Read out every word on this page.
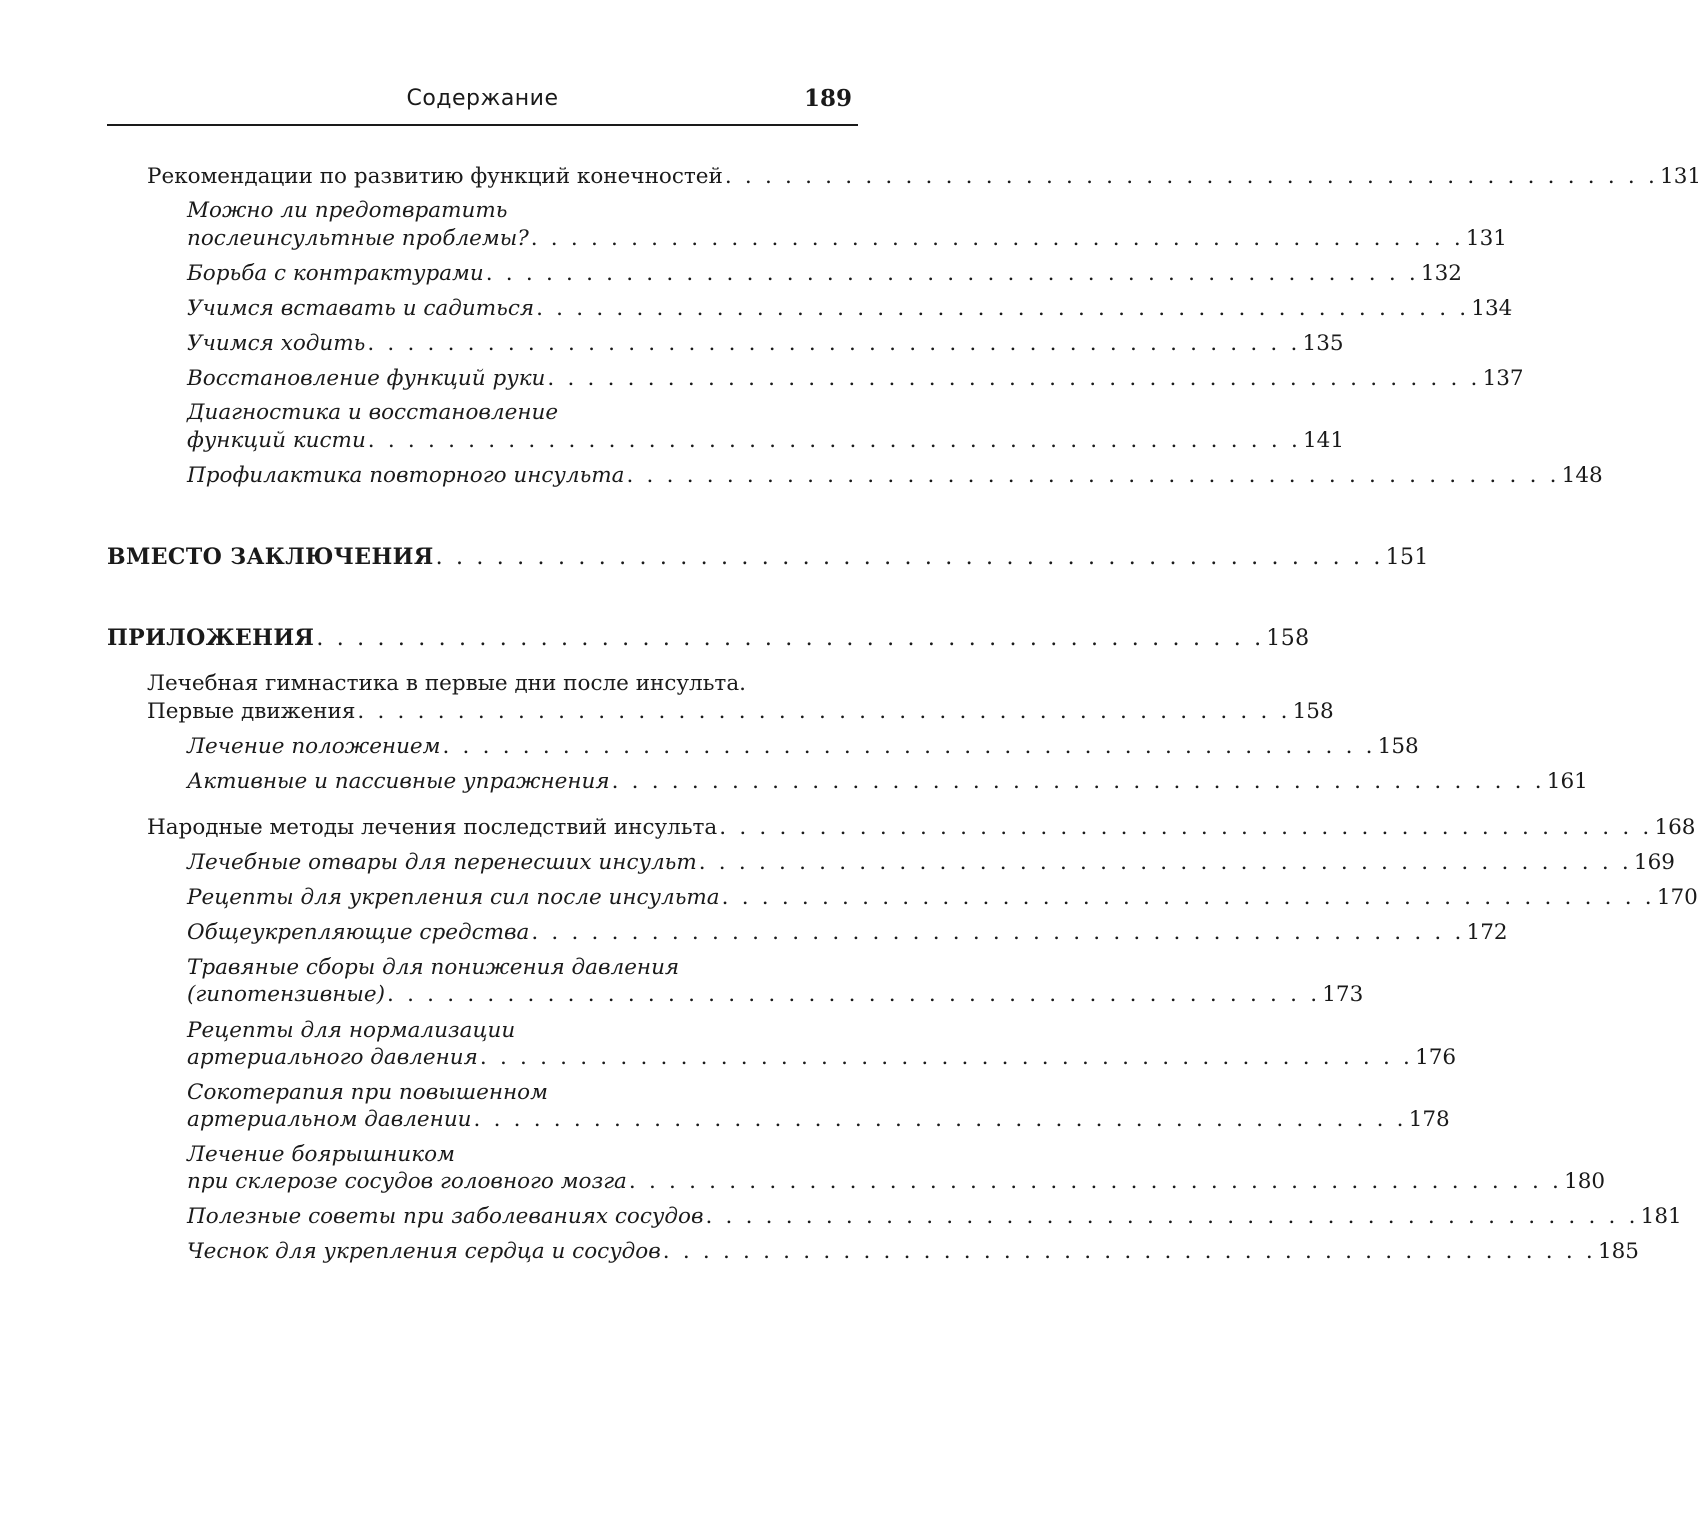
Содержание	189
Рекомендации по развитию функций конечностей . . . . . . . . . . . . . . . . . . . . . . . . . . . . . . . . . . . . . . . . . . . . . . . 131
Можно ли предотвратить
послеинсультные проблемы? . . . . . . . . . . . . . . . . . . . . . . . . . . . . . . . . . . . . . . . . . . . . . . . 131
Борьба с контрактурами . . . . . . . . . . . . . . . . . . . . . . . . . . . . . . . . . . . . . . . . . . . . . . . 132
Учимся вставать и садиться . . . . . . . . . . . . . . . . . . . . . . . . . . . . . . . . . . . . . . . . . . . . . . . 134
Учимся ходить . . . . . . . . . . . . . . . . . . . . . . . . . . . . . . . . . . . . . . . . . . . . . . . 135
Восстановление функций руки . . . . . . . . . . . . . . . . . . . . . . . . . . . . . . . . . . . . . . . . . . . . . . . 137
Диагностика и восстановление
функций кисти . . . . . . . . . . . . . . . . . . . . . . . . . . . . . . . . . . . . . . . . . . . . . . . 141
Профилактика повторного инсульта . . . . . . . . . . . . . . . . . . . . . . . . . . . . . . . . . . . . . . . . . . . . . . . 148
ВМЕСТО ЗАКЛЮЧЕНИЯ . . . . . . . . . . . . . . . . . . . . . . . . . . . . . . . . . . . . . . . . . . . . . . . 151
ПРИЛОЖЕНИЯ . . . . . . . . . . . . . . . . . . . . . . . . . . . . . . . . . . . . . . . . . . . . . . . 158
Лечебная гимнастика в первые дни после инсульта.
Первые движения . . . . . . . . . . . . . . . . . . . . . . . . . . . . . . . . . . . . . . . . . . . . . . . 158
Лечение положением . . . . . . . . . . . . . . . . . . . . . . . . . . . . . . . . . . . . . . . . . . . . . . . 158
Активные и пассивные упражнения . . . . . . . . . . . . . . . . . . . . . . . . . . . . . . . . . . . . . . . . . . . . . . . 161
Народные методы лечения последствий инсульта . . . . . . . . . . . . . . . . . . . . . . . . . . . . . . . . . . . . . . . . . . . . . . . 168
Лечебные отвары для перенесших инсульт . . . . . . . . . . . . . . . . . . . . . . . . . . . . . . . . . . . . . . . . . . . . . . . 169
Рецепты для укрепления сил после инсульта . . . . . . . . . . . . . . . . . . . . . . . . . . . . . . . . . . . . . . . . . . . . . . . 170
Общеукрепляющие средства . . . . . . . . . . . . . . . . . . . . . . . . . . . . . . . . . . . . . . . . . . . . . . . 172
Травяные сборы для понижения давления
(гипотензивные) . . . . . . . . . . . . . . . . . . . . . . . . . . . . . . . . . . . . . . . . . . . . . . . 173
Рецепты для нормализации
артериального давления . . . . . . . . . . . . . . . . . . . . . . . . . . . . . . . . . . . . . . . . . . . . . . . 176
Сокотерапия при повышенном
артериальном давлении . . . . . . . . . . . . . . . . . . . . . . . . . . . . . . . . . . . . . . . . . . . . . . . 178
Лечение боярышником
при склерозе сосудов головного мозга . . . . . . . . . . . . . . . . . . . . . . . . . . . . . . . . . . . . . . . . . . . . . . . 180
Полезные советы при заболеваниях сосудов . . . . . . . . . . . . . . . . . . . . . . . . . . . . . . . . . . . . . . . . . . . . . . . 181
Чеснок для укрепления сердца и сосудов . . . . . . . . . . . . . . . . . . . . . . . . . . . . . . . . . . . . . . . . . . . . . . . 185
